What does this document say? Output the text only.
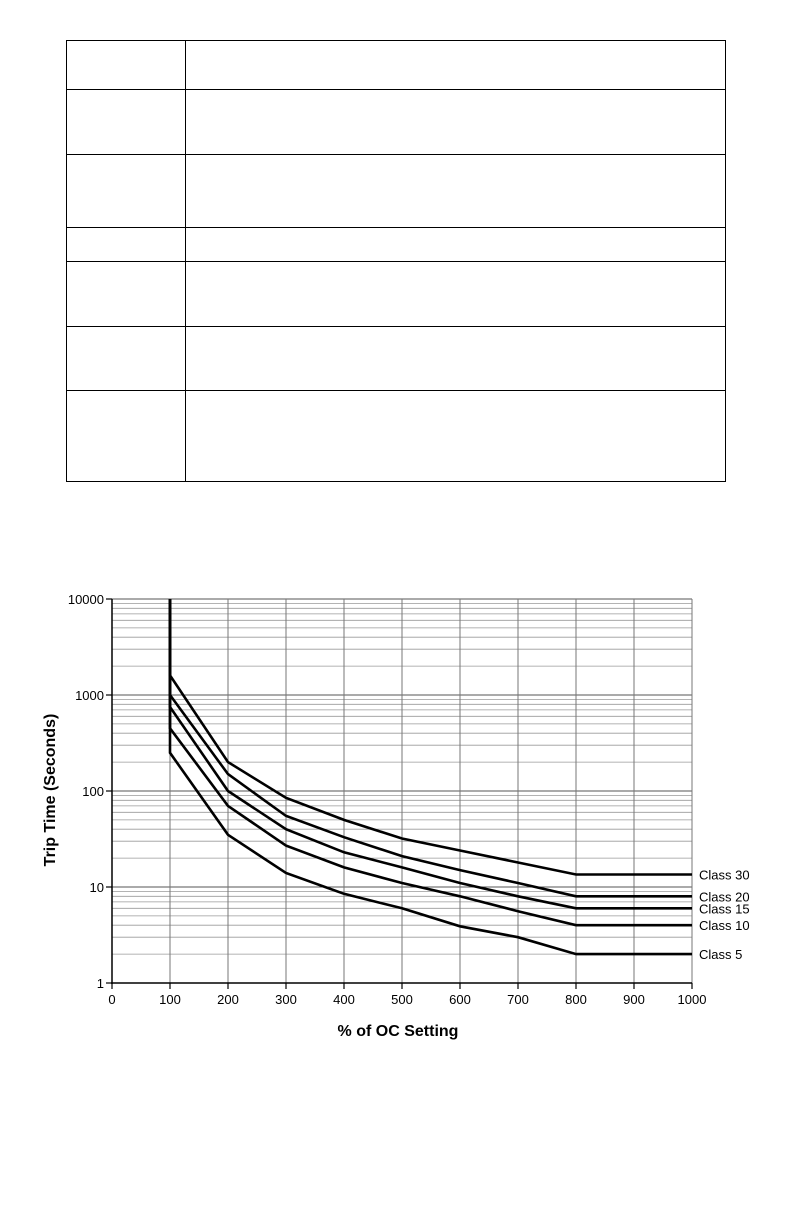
Class 30
Class 20
Class 15
Class 10
Class 5
1
10
100
1000
10000
0	100	200	300	400	500	600	700	800	900	1000
% of OC Setting
Trip Time (Seconds)
